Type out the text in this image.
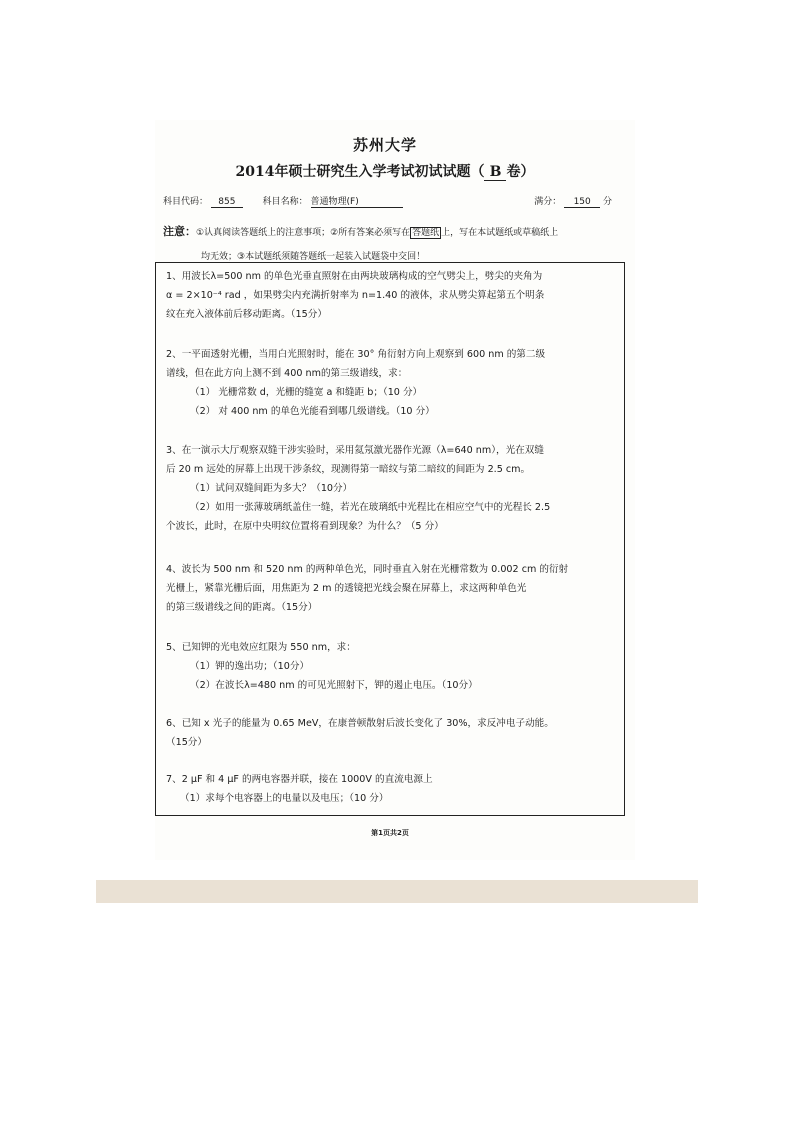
苏州大学
2014年硕士研究生入学考试初试试题（ B 卷）
科目代码： 855	科目名称： 普通物理(F)	满分： 150 分
注意：①认真阅读答题纸上的注意事项；②所有答案必须写在 答题纸 上，写在本试题纸或草稿纸上
均无效；③本试题纸须随答题纸一起装入试题袋中交回！

1、用波长λ=500 nm 的单色光垂直照射在由两块玻璃构成的空气劈尖上，劈尖的夹角为

α = 2×10⁻⁴ rad ，如果劈尖内充满折射率为 n=1.40 的液体，求从劈尖算起第五个明条

纹在充入液体前后移动距离。（15分）

2、一平面透射光栅，当用白光照射时，能在 30° 角衍射方向上观察到 600 nm 的第二级

谱线，但在此方向上测不到 400 nm的第三级谱线，求：

（1） 光栅常数 d，光栅的缝宽 a 和缝距 b；（10 分）

（2） 对 400 nm 的单色光能看到哪几级谱线。（10 分）

3、在一演示大厅观察双缝干涉实验时，采用氦氖激光器作光源（λ=640 nm），光在双缝

后 20 m 远处的屏幕上出现干涉条纹，现测得第一暗纹与第二暗纹的间距为 2.5 cm。

（1）试问双缝间距为多大？（10分）

（2）如用一张薄玻璃纸盖住一缝，若光在玻璃纸中光程比在相应空气中的光程长 2.5

个波长，此时，在原中央明纹位置将看到现象？为什么？（5 分）

4、波长为 500 nm 和 520 nm 的两种单色光，同时垂直入射在光栅常数为 0.002 cm 的衍射

光栅上，紧靠光栅后面，用焦距为 2 m 的透镜把光线会聚在屏幕上，求这两种单色光

的第三级谱线之间的距离。（15分）

5、已知钾的光电效应红限为 550 nm，求：

（1）钾的逸出功；（10分）

（2）在波长λ=480 nm 的可见光照射下，钾的遏止电压。（10分）

6、已知 x 光子的能量为 0.65 MeV，在康普顿散射后波长变化了 30%，求反冲电子动能。

（15分）

7、2 μF 和 4 μF 的两电容器并联，接在 1000V 的直流电源上

（1）求每个电容器上的电量以及电压；（10 分）

第1页共2页
